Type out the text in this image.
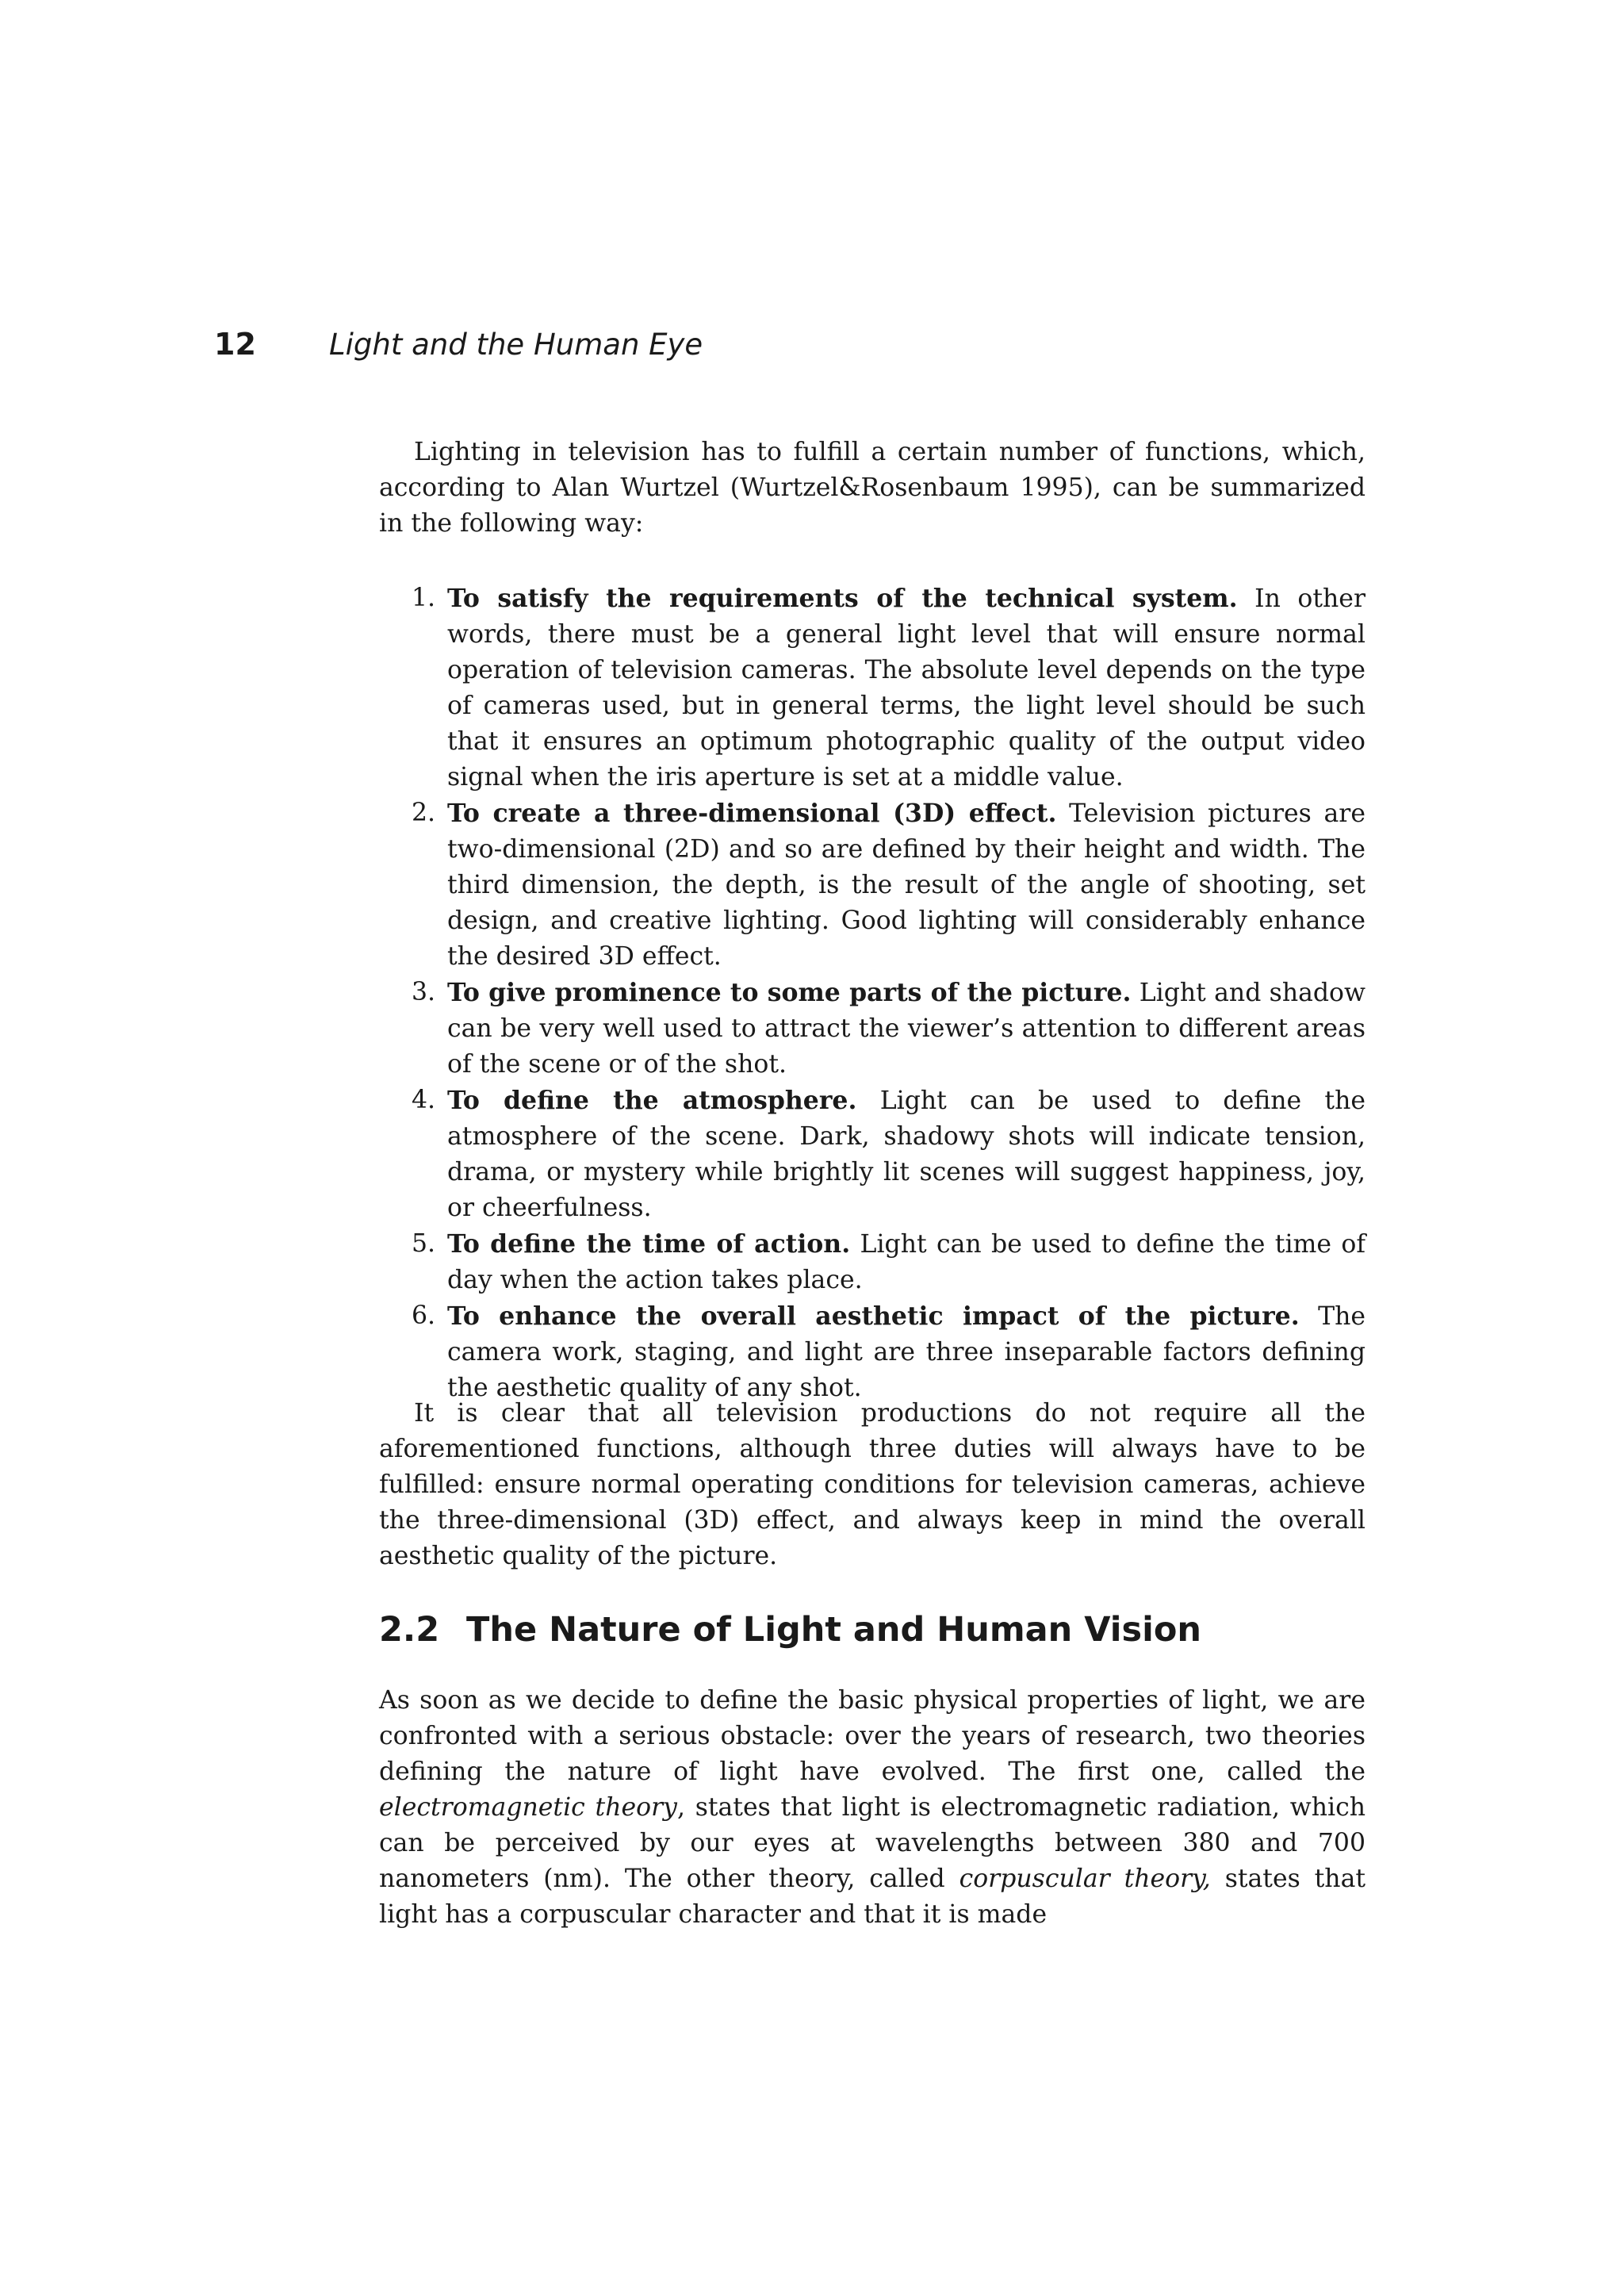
12	Light and the Human Eye

Lighting in television has to fulfill a certain number of functions, which, according to Alan Wurtzel (Wurtzel&Rosenbaum 1995), can be summarized in the following way:

1. To satisfy the requirements of the technical system. In other words, there must be a general light level that will ensure normal operation of television cameras. The absolute level depends on the type of cameras used, but in general terms, the light level should be such that it ensures an optimum photographic quality of the output video signal when the iris aperture is set at a middle value.
2. To create a three-dimensional (3D) effect. Television pictures are two-dimensional (2D) and so are defined by their height and width. The third dimension, the depth, is the result of the angle of shooting, set design, and creative lighting. Good lighting will considerably enhance the desired 3D effect.
3. To give prominence to some parts of the picture. Light and shadow can be very well used to attract the viewer’s attention to different areas of the scene or of the shot.
4. To define the atmosphere. Light can be used to define the atmosphere of the scene. Dark, shadowy shots will indicate tension, drama, or mystery while brightly lit scenes will suggest happiness, joy, or cheerfulness.
5. To define the time of action. Light can be used to define the time of day when the action takes place.
6. To enhance the overall aesthetic impact of the picture. The camera work, staging, and light are three inseparable factors defining the aesthetic quality of any shot.

It is clear that all television productions do not require all the aforementioned functions, although three duties will always have to be fulfilled: ensure normal operating conditions for television cameras, achieve the three-dimensional (3D) effect, and always keep in mind the overall aesthetic quality of the picture.

2.2 The Nature of Light and Human Vision

As soon as we decide to define the basic physical properties of light, we are confronted with a serious obstacle: over the years of research, two theories defining the nature of light have evolved. The first one, called the electromagnetic theory, states that light is electromagnetic radiation, which can be perceived by our eyes at wavelengths between 380 and 700 nanometers (nm). The other theory, called corpuscular theory, states that light has a corpuscular character and that it is made
